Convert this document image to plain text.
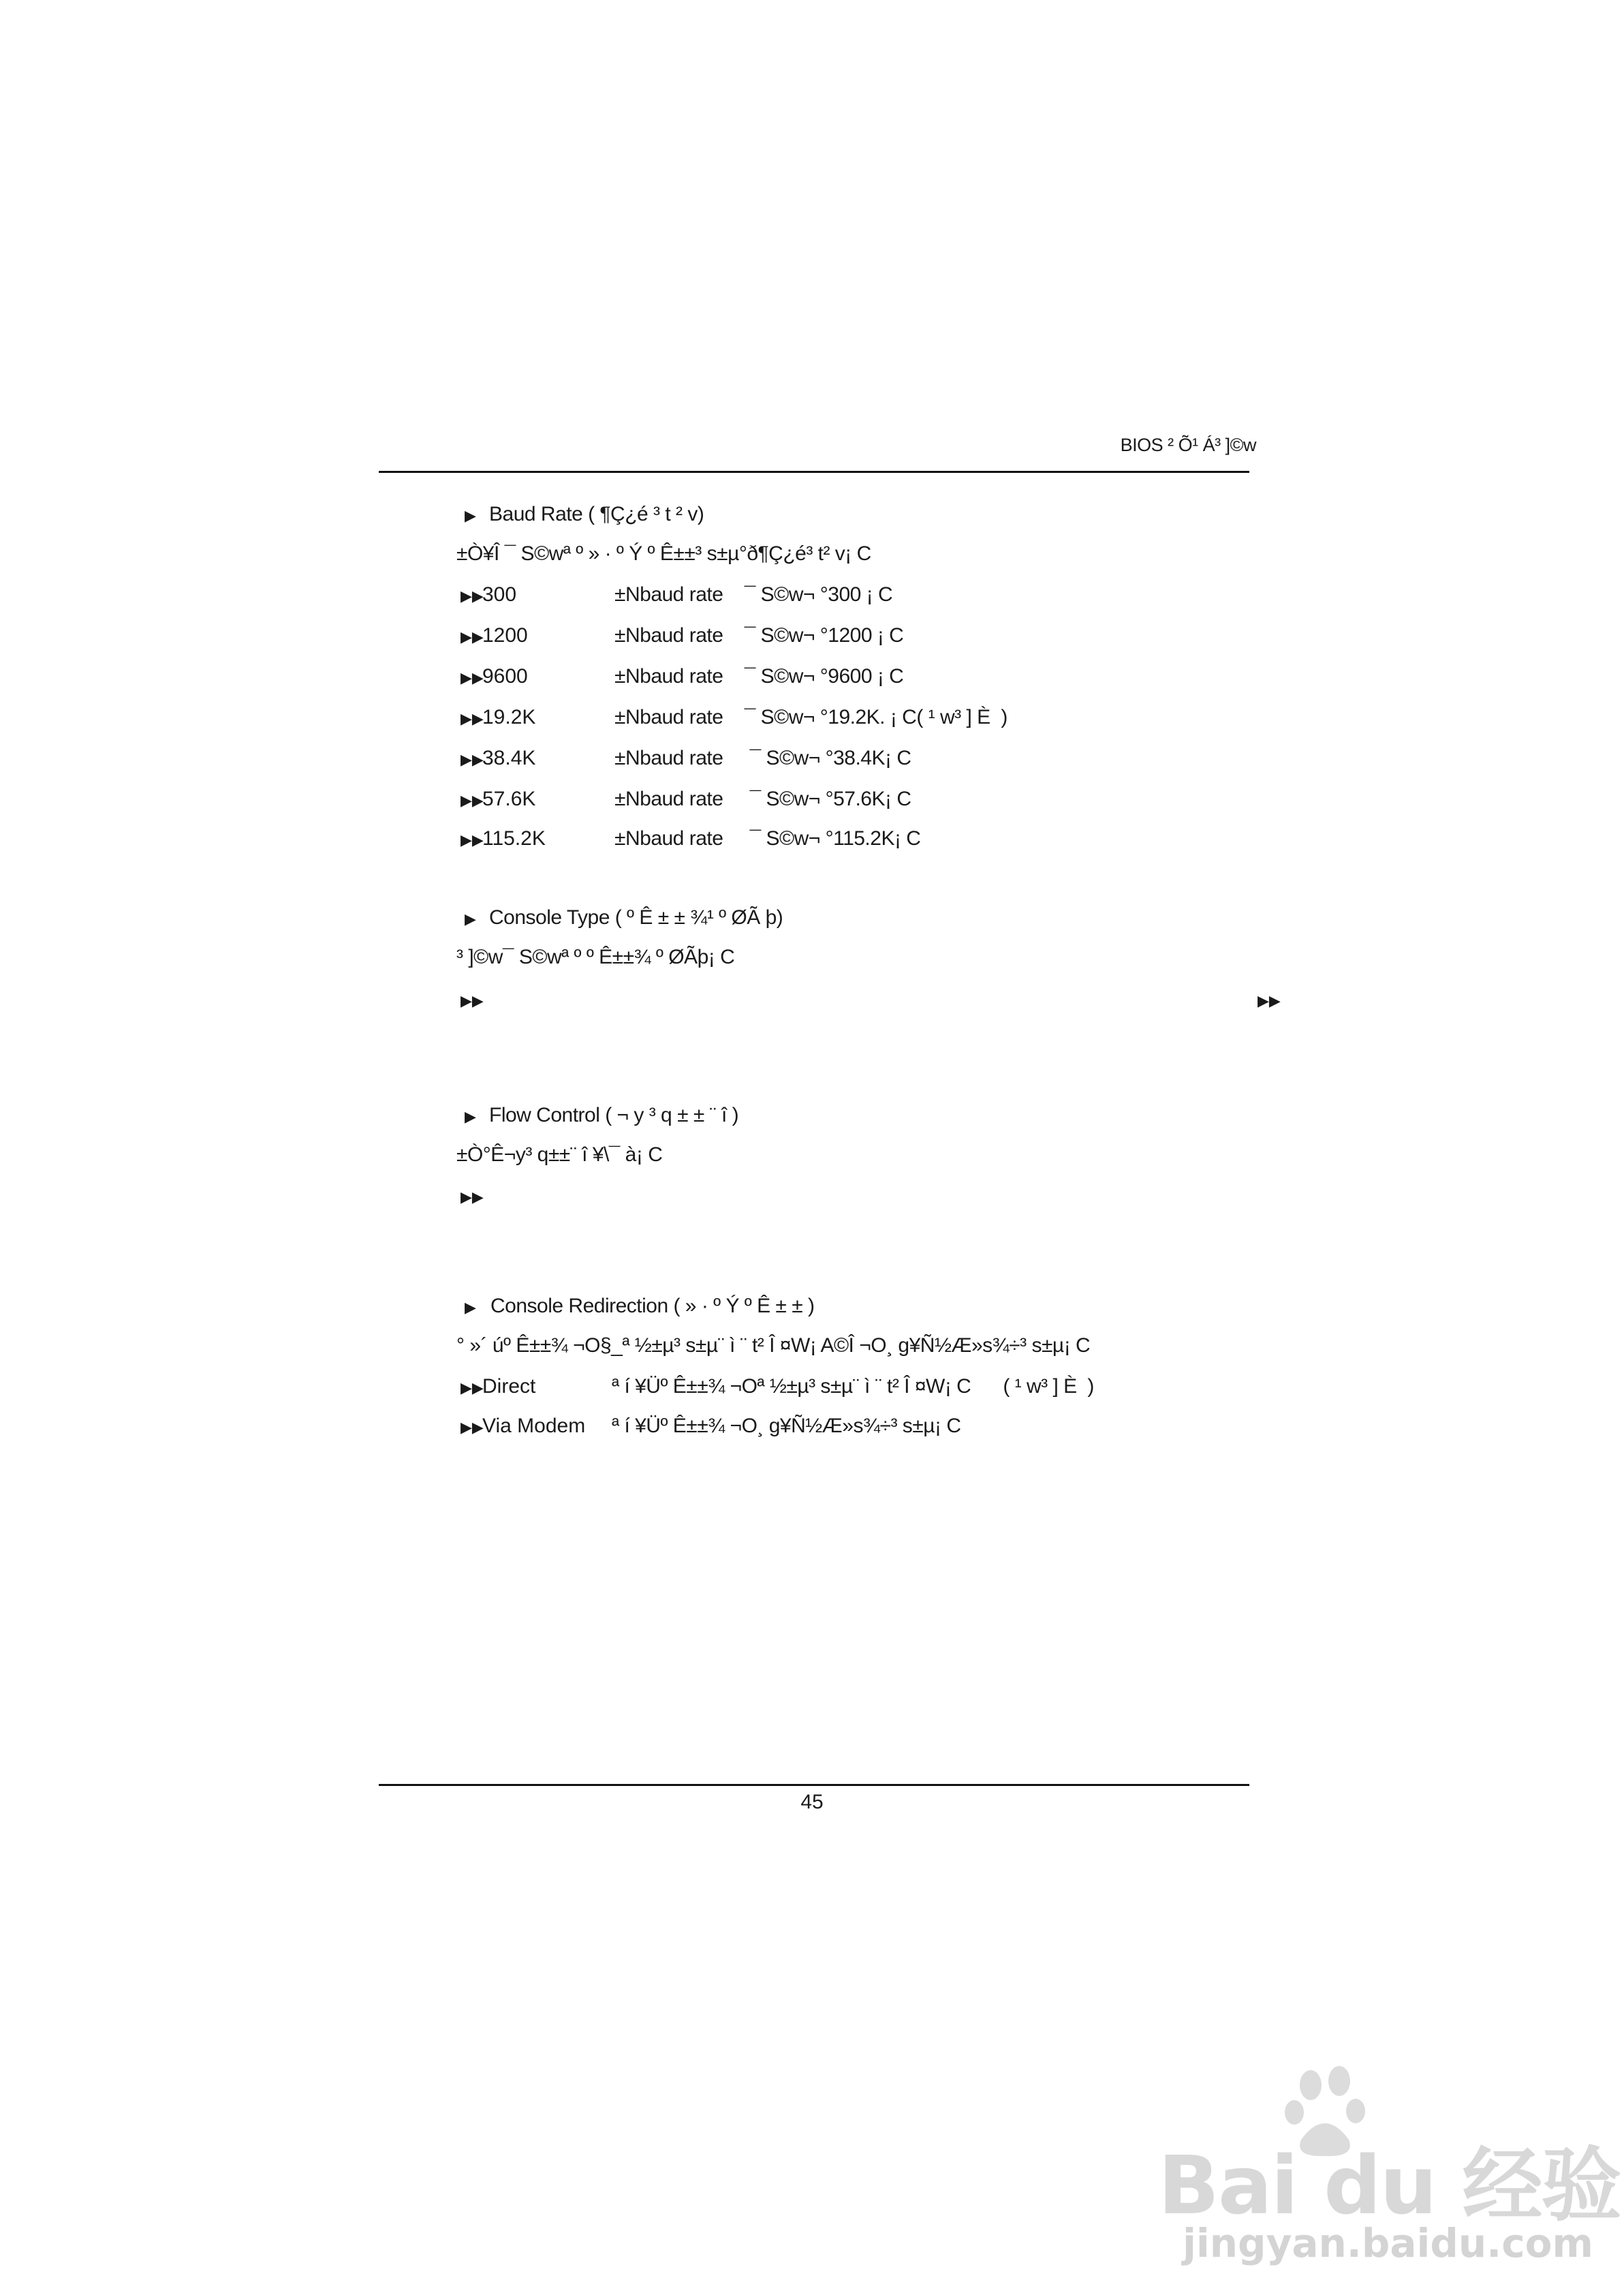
BIOS ² Õ¹ Á³ ]©w
▶ Baud Rate ( ¶Ç¿é ³ t ² v)
±Ò¥Î ¯ S©wª º » · º Ý º Ê±±³ s±µ°ð¶Ç¿é³ t² v¡ C
▶▶
300	±Nbaud rate    ¯ S©w¬ °300 ¡ C
▶▶
1200	±Nbaud rate    ¯ S©w¬ °1200 ¡ C
▶▶
9600	±Nbaud rate    ¯ S©w¬ °9600 ¡ C
▶▶
19.2K	±Nbaud rate    ¯ S©w¬ °19.2K. ¡ C( ¹ w³ ] È  )
▶▶
38.4K	±Nbaud rate     ¯ S©w¬ °38.4K¡ C
▶▶
57.6K	±Nbaud rate     ¯ S©w¬ °57.6K¡ C
▶▶
115.2K	±Nbaud rate     ¯ S©w¬ °115.2K¡ C
▶ Console Type ( º Ê ± ± ¾¹ º ØÃ þ)
³ ]©w¯ S©wª º º Ê±±¾ º ØÃþ¡ C
▶▶	▶▶
▶ Flow Control ( ¬ y ³ q ± ± ¨ î )
±Ò°Ê¬y³ q±±¨ î ¥\¯ à¡ C
▶▶
▶ Console Redirection ( » · º Ý º Ê ± ± )
° »´ úº Ê±±¾ ¬O§_ª ½±µ³ s±µ¨ ì ¨ t² Î ¤W¡ A©Î ¬O¸ g¥Ñ½Æ»s¾÷³ s±µ¡ C
▶▶
Direct	ª í ¥Üº Ê±±¾ ¬Oª ½±µ³ s±µ¨ ì ¨ t² Î ¤W¡ C      ( ¹ w³ ] È  )
▶▶
Via Modem ª í ¥Üº Ê±±¾ ¬O¸ g¥Ñ½Æ»s¾÷³ s±µ¡ C
45
Bai du 经验
jingyan.baidu.com
